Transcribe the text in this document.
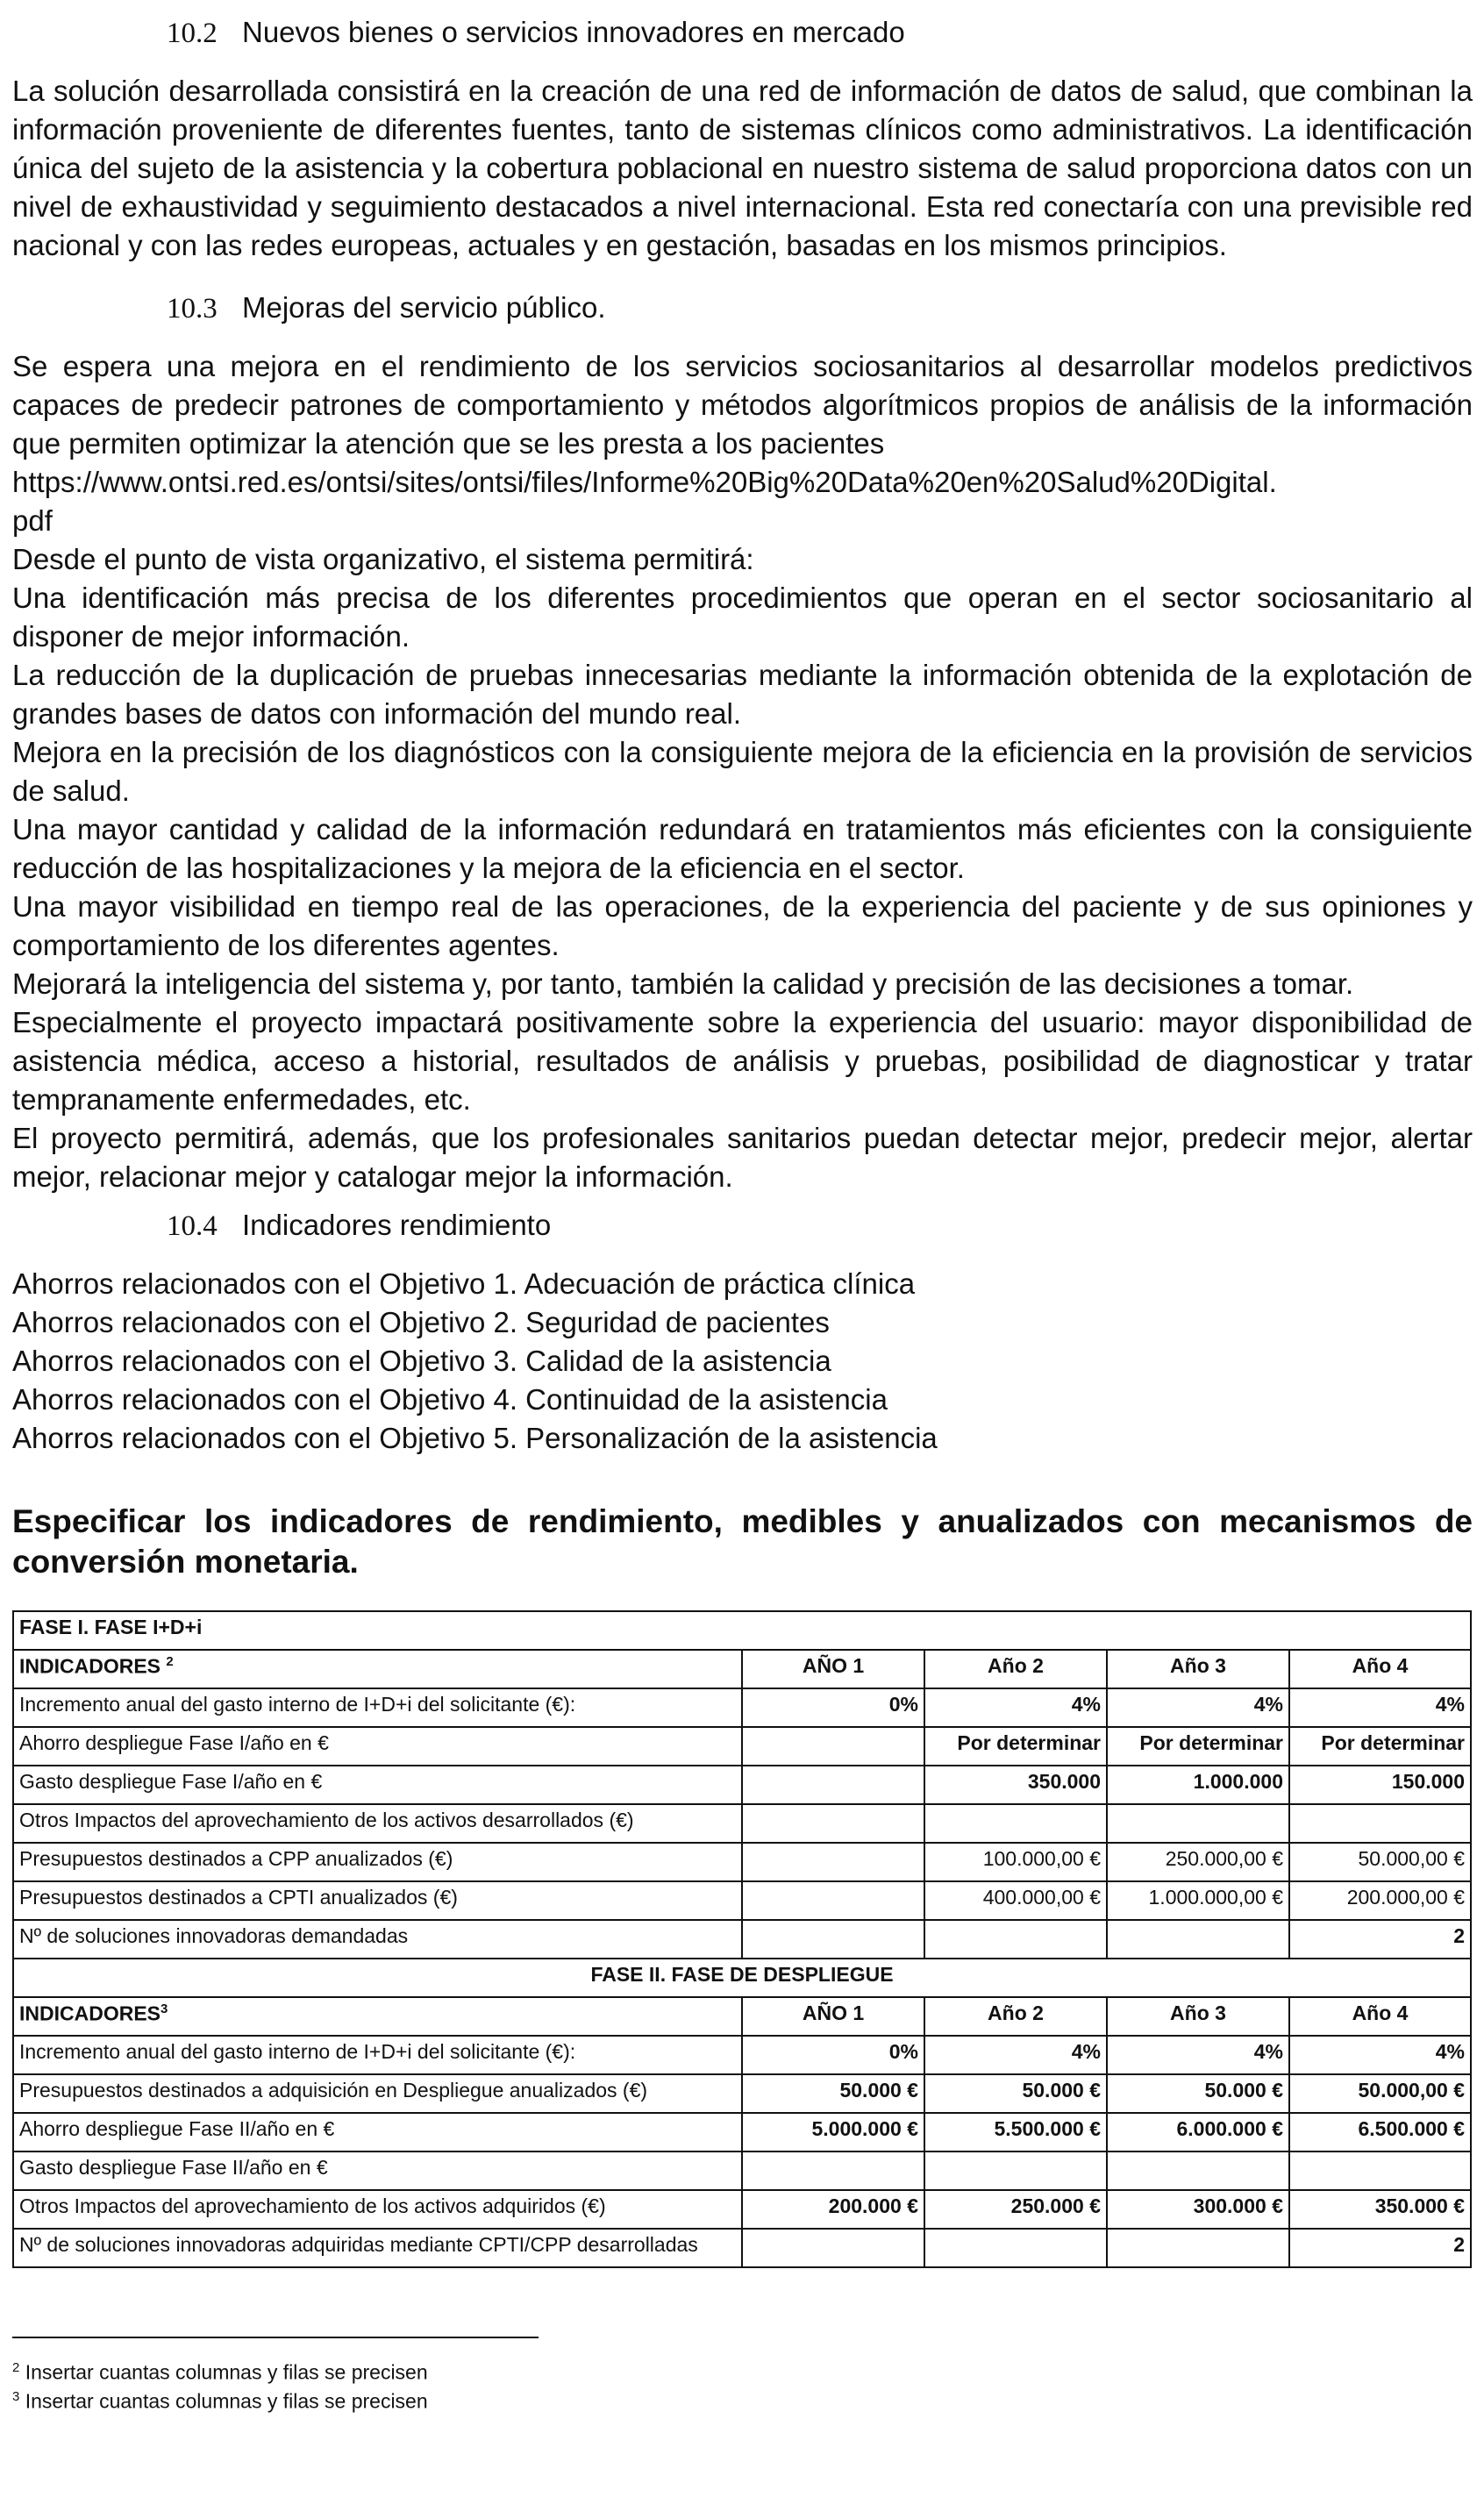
10.2 Nuevos bienes o servicios innovadores en mercado

La solución desarrollada consistirá en la creación de una red de información de datos de salud, que combinan la información proveniente de diferentes fuentes, tanto de sistemas clínicos como administrativos. La identificación única del sujeto de la asistencia y la cobertura poblacional en nuestro sistema de salud proporciona datos con un nivel de exhaustividad y seguimiento destacados a nivel internacional. Esta red conectaría con una previsible red nacional y con las redes europeas, actuales y en gestación, basadas en los mismos principios.

10.3 Mejoras del servicio público.

Se espera una mejora en el rendimiento de los servicios sociosanitarios al desarrollar modelos predictivos capaces de predecir patrones de comportamiento y métodos algorítmicos propios de análisis de la información que permiten optimizar la atención que se les presta a los pacientes

https://www.ontsi.red.es/ontsi/sites/ontsi/files/Informe%20Big%20Data%20en%20Salud%20Digital.

pdf

Desde el punto de vista organizativo, el sistema permitirá:

Una identificación más precisa de los diferentes procedimientos que operan en el sector sociosanitario al disponer de mejor información.

La reducción de la duplicación de pruebas innecesarias mediante la información obtenida de la explotación de grandes bases de datos con información del mundo real.

Mejora en la precisión de los diagnósticos con la consiguiente mejora de la eficiencia en la provisión de servicios de salud.

Una mayor cantidad y calidad de la información redundará en tratamientos más eficientes con la consiguiente reducción de las hospitalizaciones y la mejora de la eficiencia en el sector.

Una mayor visibilidad en tiempo real de las operaciones, de la experiencia del paciente y de sus opiniones y comportamiento de los diferentes agentes.

Mejorará la inteligencia del sistema y, por tanto, también la calidad y precisión de las decisiones a tomar.

Especialmente el proyecto impactará positivamente sobre la experiencia del usuario: mayor disponibilidad de asistencia médica, acceso a historial, resultados de análisis y pruebas, posibilidad de diagnosticar y tratar tempranamente enfermedades, etc.

El proyecto permitirá, además, que los profesionales sanitarios puedan detectar mejor, predecir mejor, alertar mejor, relacionar mejor y catalogar mejor la información.

10.4 Indicadores rendimiento

Ahorros relacionados con el Objetivo 1. Adecuación de práctica clínica

Ahorros relacionados con el Objetivo 2. Seguridad de pacientes

Ahorros relacionados con el Objetivo 3. Calidad de la asistencia

Ahorros relacionados con el Objetivo 4. Continuidad de la asistencia

Ahorros relacionados con el Objetivo 5. Personalización de la asistencia

Especificar los indicadores de rendimiento, medibles y anualizados con mecanismos de conversión monetaria.

FASE I. FASE I+D+i				
INDICADORES $^2$	AÑO 1	Año 2	Año 3	Año 4
Incremento anual del gasto interno de I+D+i del solicitante (€):	0%	4%	4%	4%
Ahorro despliegue Fase I/año en €		Por determinar	Por determinar	Por determinar
Gasto despliegue Fase I/año en €		350.000	1.000.000	150.000
Otros Impactos del aprovechamiento de los activos desarrollados (€)				
Presupuestos destinados a CPP anualizados (€)		100.000,00 €	250.000,00 €	50.000,00 €
Presupuestos destinados a CPTI anualizados (€)		400.000,00 €	1.000.000,00 €	200.000,00 €
Nº de soluciones innovadoras demandadas				2
FASE II. FASE DE DESPLIEGUE				
INDICADORES$^3$	AÑO 1	Año 2	Año 3	Año 4
Incremento anual del gasto interno de I+D+i del solicitante (€):	0%	4%	4%	4%
Presupuestos destinados a adquisición en Despliegue anualizados (€)	50.000 €	50.000 €	50.000 €	50.000,00 €
Ahorro despliegue Fase II/año en €	5.000.000 €	5.500.000 €	6.000.000 €	6.500.000 €
Gasto despliegue Fase II/año en €				
Otros Impactos del aprovechamiento de los activos adquiridos (€)	200.000 €	250.000 €	300.000 €	350.000 €
Nº de soluciones innovadoras adquiridas mediante CPTI/CPP desarrolladas				2

$^2$ Insertar cuantas columnas y filas se precisen

$^3$ Insertar cuantas columnas y filas se precisen
